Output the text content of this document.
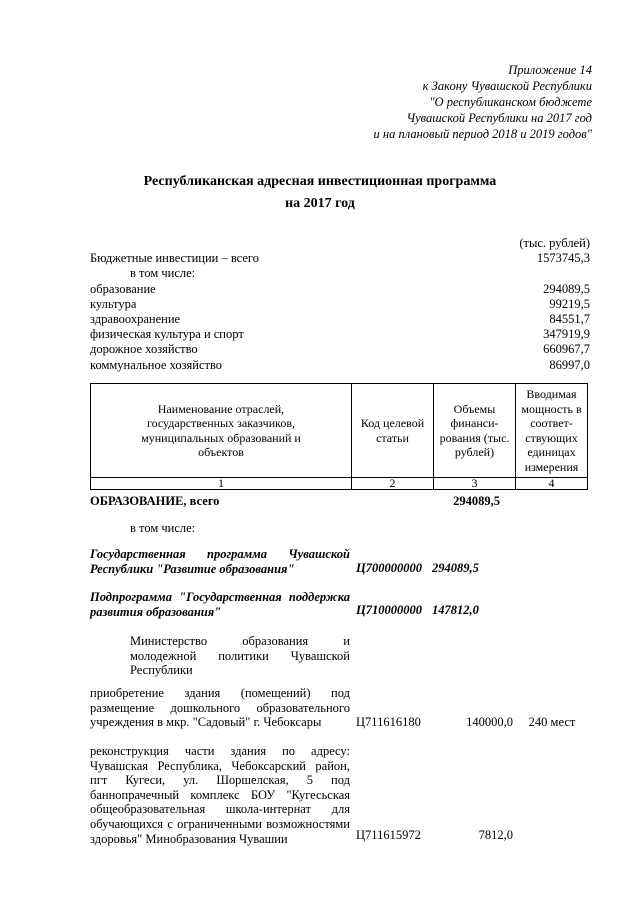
Приложение 14
к Закону Чувашской Республики
"О республиканском бюджете
Чувашской Республики на 2017 год
и на плановый период 2018 и 2019 годов"
Республиканская адресная инвестиционная программа
на 2017 год
(тыс. рублей)
Бюджетные инвестиции – всего	1573745,3
в том числе:
образование	294089,5
культура	99219,5
здравоохранение	84551,7
физическая культура и спорт	347919,9
дорожное хозяйство	660967,7
коммунальное хозяйство	86997,0
Наименование отраслей, государственных заказчиков, муниципальных образований и объектов
Код целевой статьи
Объемы финанси-рования (тыс. рублей)
Вводимая мощность в соответ-ствующих единицах измерения
1	2	3	4
ОБРАЗОВАНИЕ, всего	294089,5
в том числе:
Государственная программа Чувашской Республики "Развитие образования"	Ц700000000 294089,5
Подпрограмма "Государственная поддержка развития образования"	Ц710000000 147812,0
Министерство образования и молодежной политики Чувашской Республики
приобретение здания (помещений) под размещение дошкольного образовательного учреждения в мкр. "Садовый" г. Чебоксары	Ц711616180	140000,0	240 мест
реконструкция части здания по адресу: Чувашская Республика, Чебоксарский район, пгт Кугеси, ул. Шоршелская, 5 под баннопрачечный комплекс БОУ "Кугесьская общеобразовательная школа-интернат для обучающихся с ограниченными возможностями здоровья" Минобразования Чувашии	Ц711615972	7812,0
